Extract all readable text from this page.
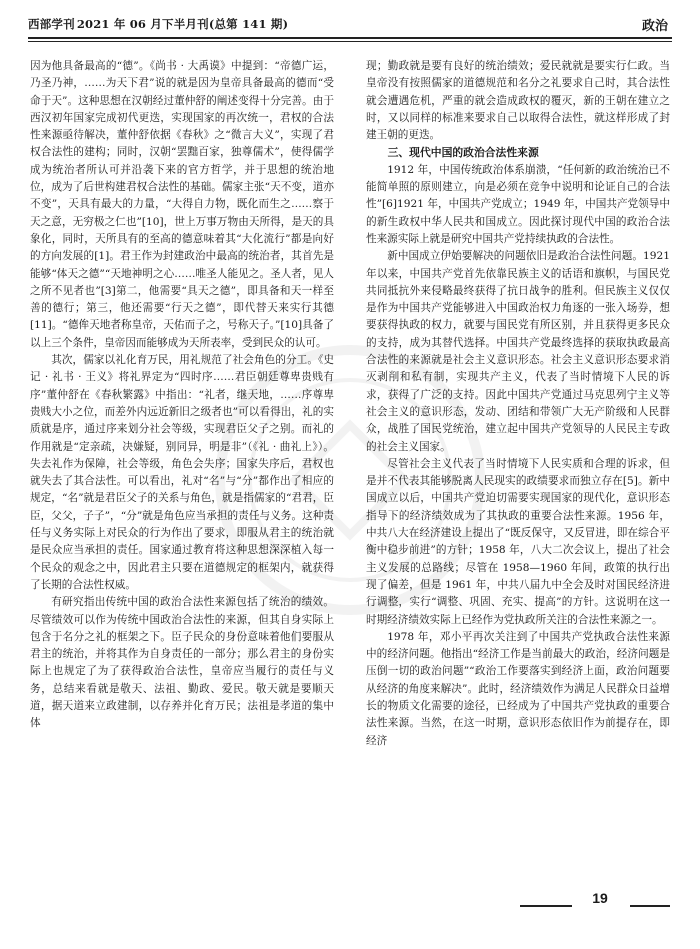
西部学刊 2021 年 06 月下半月刊(总第 141 期)	政治

因为他具备最高的“德”。《尚书 · 大禹谟》中提到：“帝德广运，乃圣乃神，……为天下君”说的就是因为皇帝具备最高的德而“受命于天”。这种思想在汉朝经过董仲舒的阐述变得十分完善。由于西汉初年国家完成初代更迭，实现国家的再次统一，君权的合法性来源亟待解决，董仲舒依据《春秋》之“微言大义”，实现了君权合法性的建构；同时，汉朝“罢黜百家，独尊儒术”，使得儒学成为统治者所认可并沿袭下来的官方哲学，并于思想的统治地位，成为了后世构建君权合法性的基础。儒家主张“天不变，道亦不变”，天具有最大的力量，“大得自力物，既化而生之……察于天之意，无穷极之仁也”[10]，世上万事万物由天所得，是天的具象化，同时，天所具有的至高的德意味着其“大化流行”都是向好的方向发展的[1]。君王作为封建政治中最高的统治者，其首先是能够“体天之德”“天地神明之心……唯圣人能见之。圣人者，见人之所不见者也”[3]第二，他需要“具天之德”，即具备和天一样至善的德行；第三，他还需要“行天之德”，即代替天来实行其德[11]。“德侔天地者称皇帝，天佑而子之，号称天子。”[10]具备了以上三个条件，皇帝因而能够成为天所表率，受到民众的认可。

其次，儒家以礼化育万民，用礼规范了社会角色的分工。《史记 · 礼书 · 王义》将礼界定为“四时序……君臣朝廷尊卑贵贱有序”董仲舒在《春秋繁露》中指出：“礼者，继天地，……序尊卑贵贱大小之位，而差外内远近新旧之级者也”可以看得出，礼的实质就是序，通过序来划分社会等级，实现君臣父子之别。而礼的作用就是“定亲疏，决嫌疑，别同异，明是非”（《礼 · 曲礼上》）。失去礼作为保障，社会等级，角色会失序；国家失序后，君权也就失去了其合法性。可以看出，礼对“名”与“分”都作出了相应的规定，“名”就是君臣父子的关系与角色，就是指儒家的“君君，臣臣，父父，子子”，“分”就是角色应当承担的责任与义务。这种责任与义务实际上对民众的行为作出了要求，即服从君主的统治就是民众应当承担的责任。国家通过教育将这种思想深深植入每一个民众的观念之中，因此君主只要在道德规定的框架内，就获得了长期的合法性权威。

有研究指出传统中国的政治合法性来源包括了统治的绩效。尽管绩效可以作为传统中国政治合法性的来源，但其自身实际上包含于名分之礼的框架之下。臣子民众的身份意味着他们要服从君主的统治，并将其作为自身责任的一部分；那么君主的身份实际上也规定了为了获得政治合法性，皇帝应当履行的责任与义务，总结来看就是敬天、法祖、勤政、爱民。敬天就是要顺天道，据天道来立政建制，以存养并化育万民；法祖是孝道的集中体

现；勤政就是要有良好的统治绩效；爱民就就是要实行仁政。当皇帝没有按照儒家的道德规范和名分之礼要求自己时，其合法性就会遭遇危机，严重的就会造成政权的覆灭，新的王朝在建立之时，又以同样的标准来要求自己以取得合法性，就这样形成了封建王朝的更迭。

三、现代中国的政治合法性来源

1912 年，中国传统政治体系崩溃，“任何新的政治统治已不能简单照的原则建立，向是必须在竞争中说明和论证自己的合法性”[6]1921 年，中国共产党成立；1949 年，中国共产党领导中的新生政权中华人民共和国成立。因此探讨现代中国的政治合法性来源实际上就是研究中国共产党持续执政的合法性。

新中国成立伊始要解决的问题依旧是政治合法性问题。1921 年以来，中国共产党首先依靠民族主义的话语和旗帜，与国民党共同抵抗外来侵略最终获得了抗日战争的胜利。但民族主义仅仅是作为中国共产党能够进入中国政治权力角逐的一张入场券，想要获得执政的权力，就要与国民党有所区别，并且获得更多民众的支持，成为其替代选择。中国共产党最终选择的获取执政最高合法性的来源就是社会主义意识形态。社会主义意识形态要求消灭剥削和私有制，实现共产主义，代表了当时情境下人民的诉求，获得了广泛的支持。因此中国共产党通过马克思列宁主义等社会主义的意识形态，发动、团结和带领广大无产阶级和人民群众，战胜了国民党统治，建立起中国共产党领导的人民民主专政的社会主义国家。

尽管社会主义代表了当时情境下人民实质和合理的诉求，但是并不代表其能够脱离人民现实的政绩要求而独立存在[5]。新中国成立以后，中国共产党迫切需要实现国家的现代化，意识形态指导下的经济绩效成为了其执政的重要合法性来源。1956 年，中共八大在经济建设上提出了“既反保守，又反冒进，即在综合平衡中稳步前进”的方针；1958 年，八大二次会议上，提出了社会主义发展的总路线；尽管在 1958—1960 年间，政策的执行出现了偏差，但是 1961 年，中共八届九中全会及时对国民经济进行调整，实行“调整、巩固、充实、提高”的方针。这说明在这一时期经济绩效实际上已经作为党执政所关注的合法性来源之一。

1978 年，邓小平再次关注到了中国共产党执政合法性来源中的经济问题。他指出“经济工作是当前最大的政治，经济问题是压倒一切的政治问题”“政治工作要落实到经济上面，政治问题要从经济的角度来解决”。此时，经济绩效作为满足人民群众日益增长的物质文化需要的途径，已经成为了中国共产党执政的重要合法性来源。当然，在这一时期，意识形态依旧作为前提存在，即经济

19
